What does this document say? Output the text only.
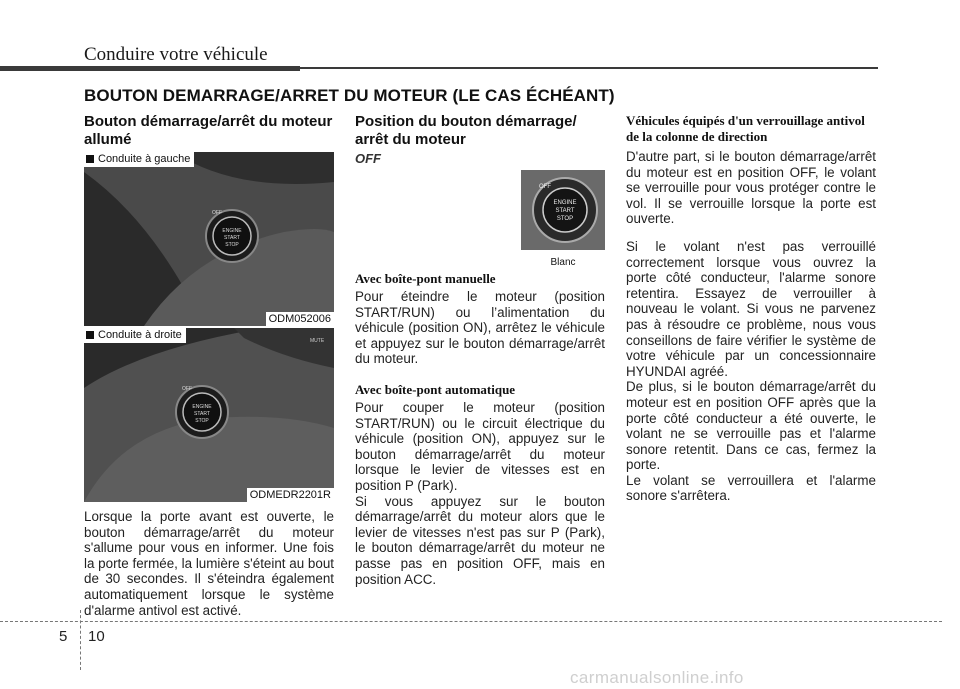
Conduire votre véhicule
BOUTON DEMARRAGE/ARRET DU MOTEUR (LE CAS ÉCHÉANT)

Bouton démarrage/arrêt du moteur allumé

ENGINE
START
STOP
OFF
Conduite à gauche
ODM052006
ENGINE
START
STOP
OFF
MUTE
Conduite à droite
ODMEDR2201R

Lorsque la porte avant est ouverte, le bouton démarrage/arrêt du moteur s'allume pour vous en informer. Une fois la porte fermée, la lumière s'éteint au bout de 30 secondes. Il s'éteindra également automatiquement lorsque le système d'alarme antivol est activé.

Position du bouton démarrage/ arrêt du moteur

OFF
OFF
ENGINE
START
STOP
Blanc
Avec boîte-pont manuelle

Pour éteindre le moteur (position START/RUN) ou l’alimentation du véhicule (position ON), arrêtez le véhicule et appuyez sur le bouton démarrage/arrêt du moteur.

Avec boîte-pont automatique

Pour couper le moteur (position START/RUN) ou le circuit électrique du véhicule (position ON), appuyez sur le bouton démarrage/arrêt du moteur lorsque le levier de vitesses est en position P (Park).

Si vous appuyez sur le bouton démarrage/arrêt du moteur alors que le levier de vitesses n'est pas sur P (Park), le bouton démarrage/arrêt du moteur ne passe pas en position OFF, mais en position ACC.

Véhicules équipés d'un verrouillage antivol de la colonne de direction

D'autre part, si le bouton démarrage/arrêt du moteur est en position OFF, le volant se verrouille pour vous protéger contre le vol. Il se verrouille lorsque la porte est ouverte.

Si le volant n'est pas verrouillé correctement lorsque vous ouvrez la porte côté conducteur, l'alarme sonore retentira. Essayez de verrouiller à nouveau le volant. Si vous ne parvenez pas à résoudre ce problème, nous vous conseillons de faire vérifier le système de votre véhicule par un concessionnaire HYUNDAI agréé.

De plus, si le bouton démarrage/arrêt du moteur est en position OFF après que la porte côté conducteur a été ouverte, le volant ne se verrouille pas et l'alarme sonore retentit. Dans ce cas, fermez la porte.

Le volant se verrouillera et l'alarme sonore s'arrêtera.

5 10
carmanualsonline.info
